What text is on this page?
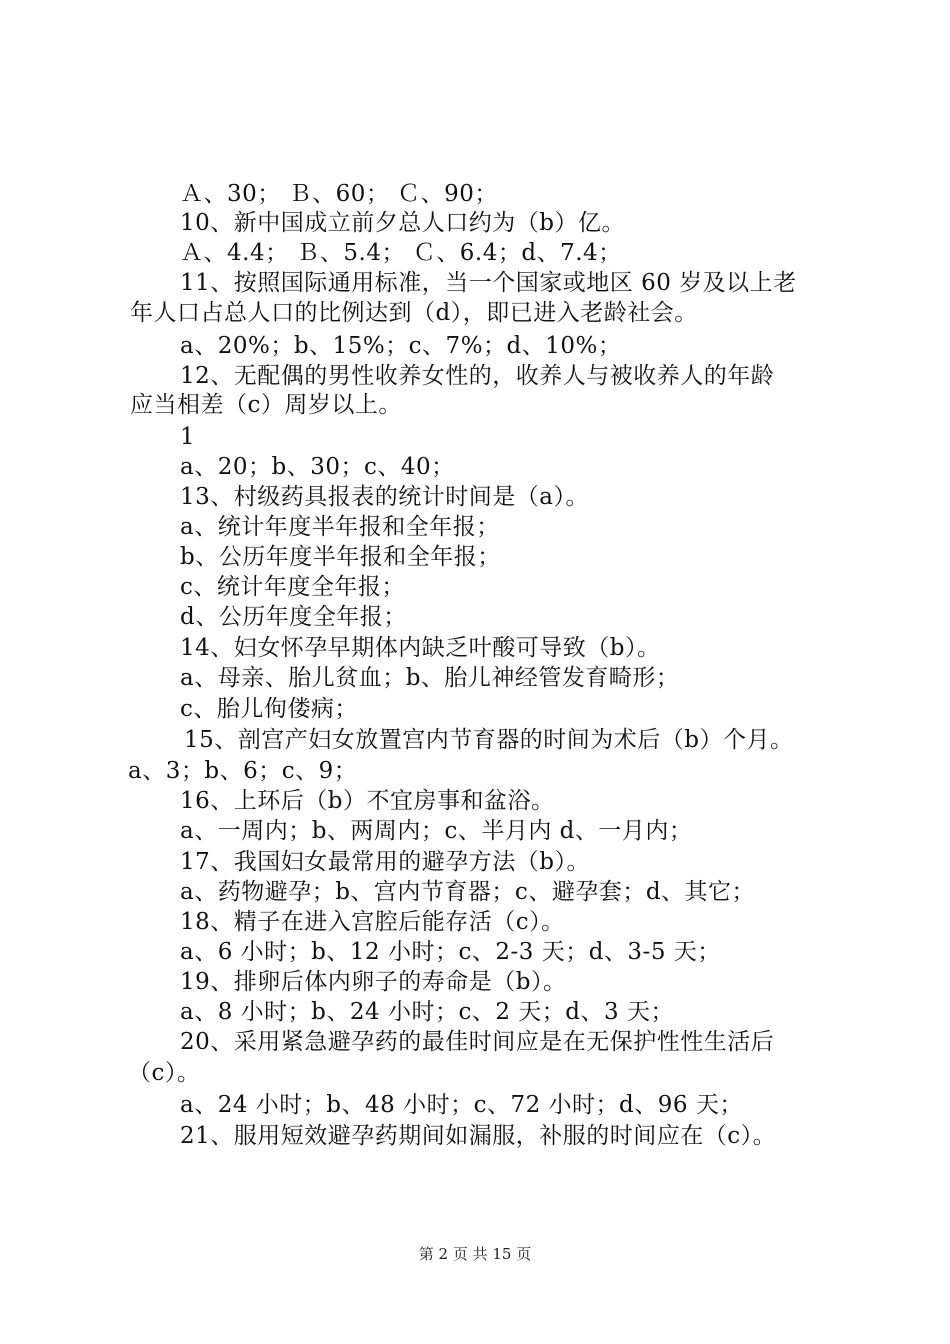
Ａ、30； Ｂ、60； Ｃ、90；
10、新中国成立前夕总人口约为（b）亿。
Ａ、4.4； Ｂ、5.4； Ｃ、6.4；d、7.4；
11、按照国际通用标准，当一个国家或地区 60 岁及以上老
年人口占总人口的比例达到（d），即已进入老龄社会。
a、20%；b、15%；c、7%；d、10%；
12、无配偶的男性收养女性的，收养人与被收养人的年龄
应当相差（c）周岁以上。
1
a、20；b、30；c、40；
13、村级药具报表的统计时间是（a）。
a、统计年度半年报和全年报；
b、公历年度半年报和全年报；
c、统计年度全年报；
d、公历年度全年报；
14、妇女怀孕早期体内缺乏叶酸可导致（b）。
a、母亲、胎儿贫血；b、胎儿神经管发育畸形；
c、胎儿佝偻病；
15、剖宫产妇女放置宫内节育器的时间为术后（b）个月。
a、3；b、6；c、9；
16、上环后（b）不宜房事和盆浴。
a、一周内；b、两周内；c、半月内 d、一月内；
17、我国妇女最常用的避孕方法（b）。
a、药物避孕；b、宫内节育器；c、避孕套；d、其它；
18、精子在进入宫腔后能存活（c）。
a、6 小时；b、12 小时；c、2-3 天；d、3-5 天；
19、排卵后体内卵子的寿命是（b）。
a、8 小时；b、24 小时；c、2 天；d、3 天；
20、采用紧急避孕药的最佳时间应是在无保护性性生活后
（c）。
a、24 小时；b、48 小时；c、72 小时；d、96 天；
21、服用短效避孕药期间如漏服，补服的时间应在（c）。
第 2 页 共 15 页
